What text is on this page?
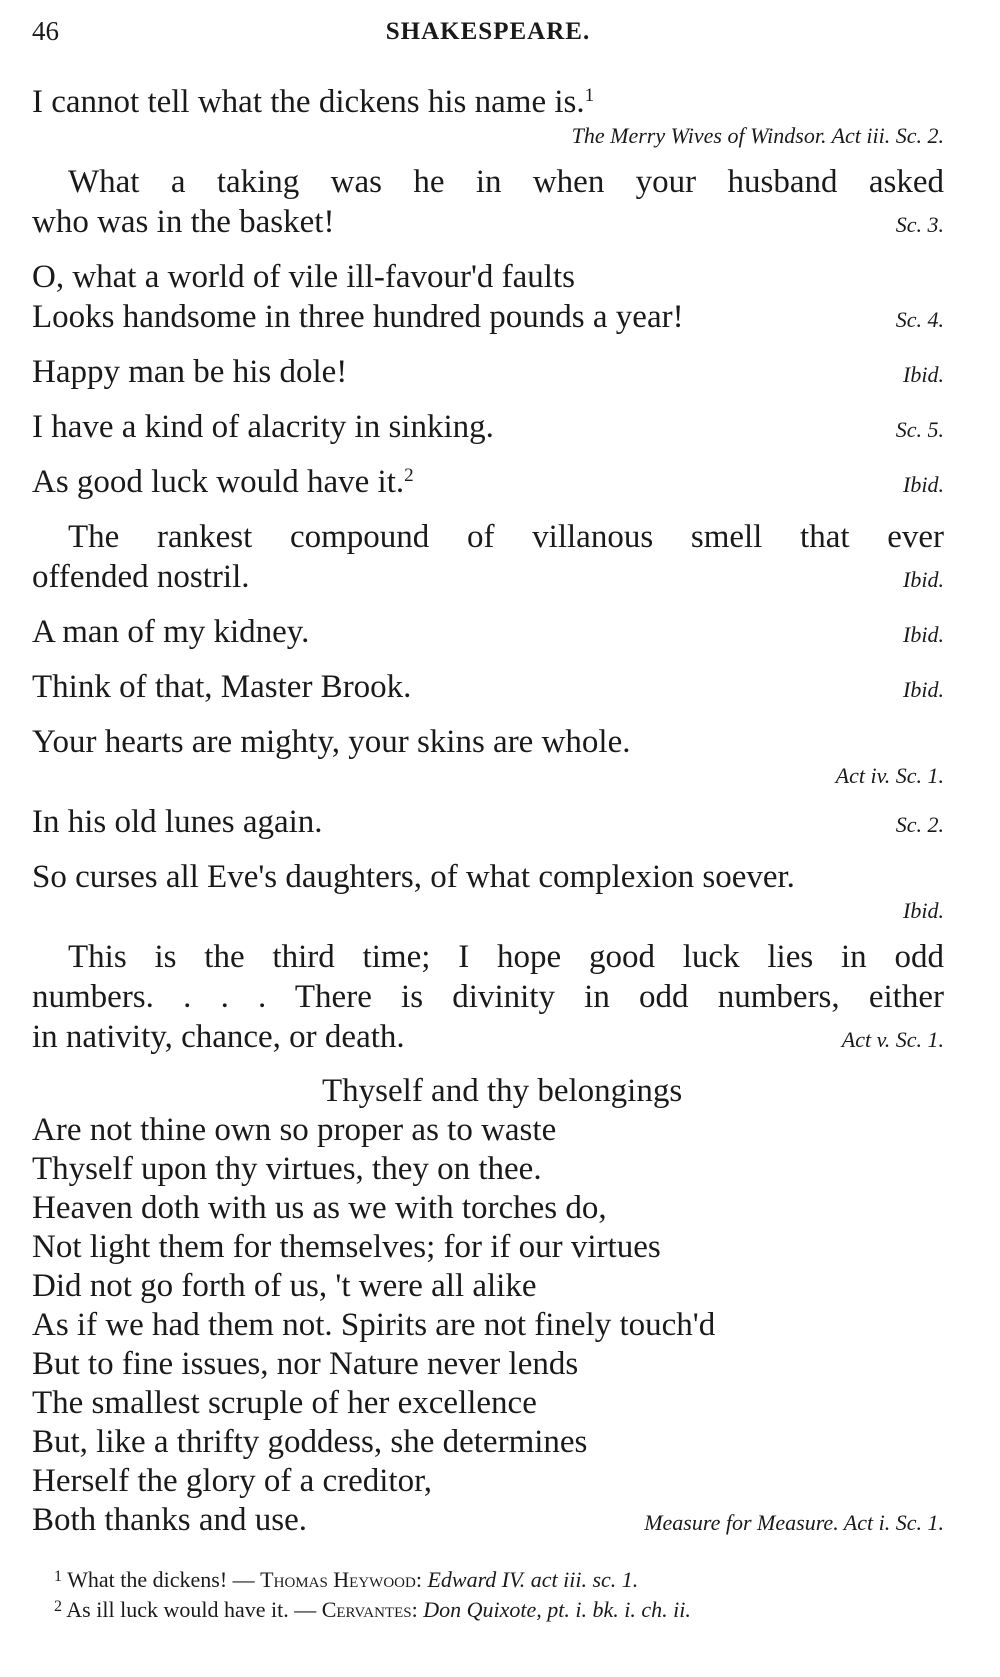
46	SHAKESPEARE.
I cannot tell what the dickens his name is.$^1$
The Merry Wives of Windsor. Act iii. Sc. 2.
What a taking was he in when your husband asked
who was in the basket!	Sc. 3.
O, what a world of vile ill-favour'd faults
Looks handsome in three hundred pounds a year!	Sc. 4.
Happy man be his dole!	Ibid.
I have a kind of alacrity in sinking.	Sc. 5.
As good luck would have it.$^2$	Ibid.
The rankest compound of villanous smell that ever
offended nostril.	Ibid.
A man of my kidney.	Ibid.
Think of that, Master Brook.	Ibid.
Your hearts are mighty, your skins are whole.
Act iv. Sc. 1.
In his old lunes again.	Sc. 2.
So curses all Eve's daughters, of what complexion soever.
Ibid.
This is the third time; I hope good luck lies in odd
numbers. . . . There is divinity in odd numbers, either
in nativity, chance, or death.	Act v. Sc. 1.
Thyself and thy belongings
Are not thine own so proper as to waste
Thyself upon thy virtues, they on thee.
Heaven doth with us as we with torches do,
Not light them for themselves; for if our virtues
Did not go forth of us, 't were all alike
As if we had them not. Spirits are not finely touch'd
But to fine issues, nor Nature never lends
The smallest scruple of her excellence
But, like a thrifty goddess, she determines
Herself the glory of a creditor,
Both thanks and use.	Measure for Measure. Act i. Sc. 1.
$^1$ What the dickens! — Thomas Heywood: Edward IV. act iii. sc. 1.
$^2$ As ill luck would have it. — Cervantes: Don Quixote, pt. i. bk. i. ch. ii.
